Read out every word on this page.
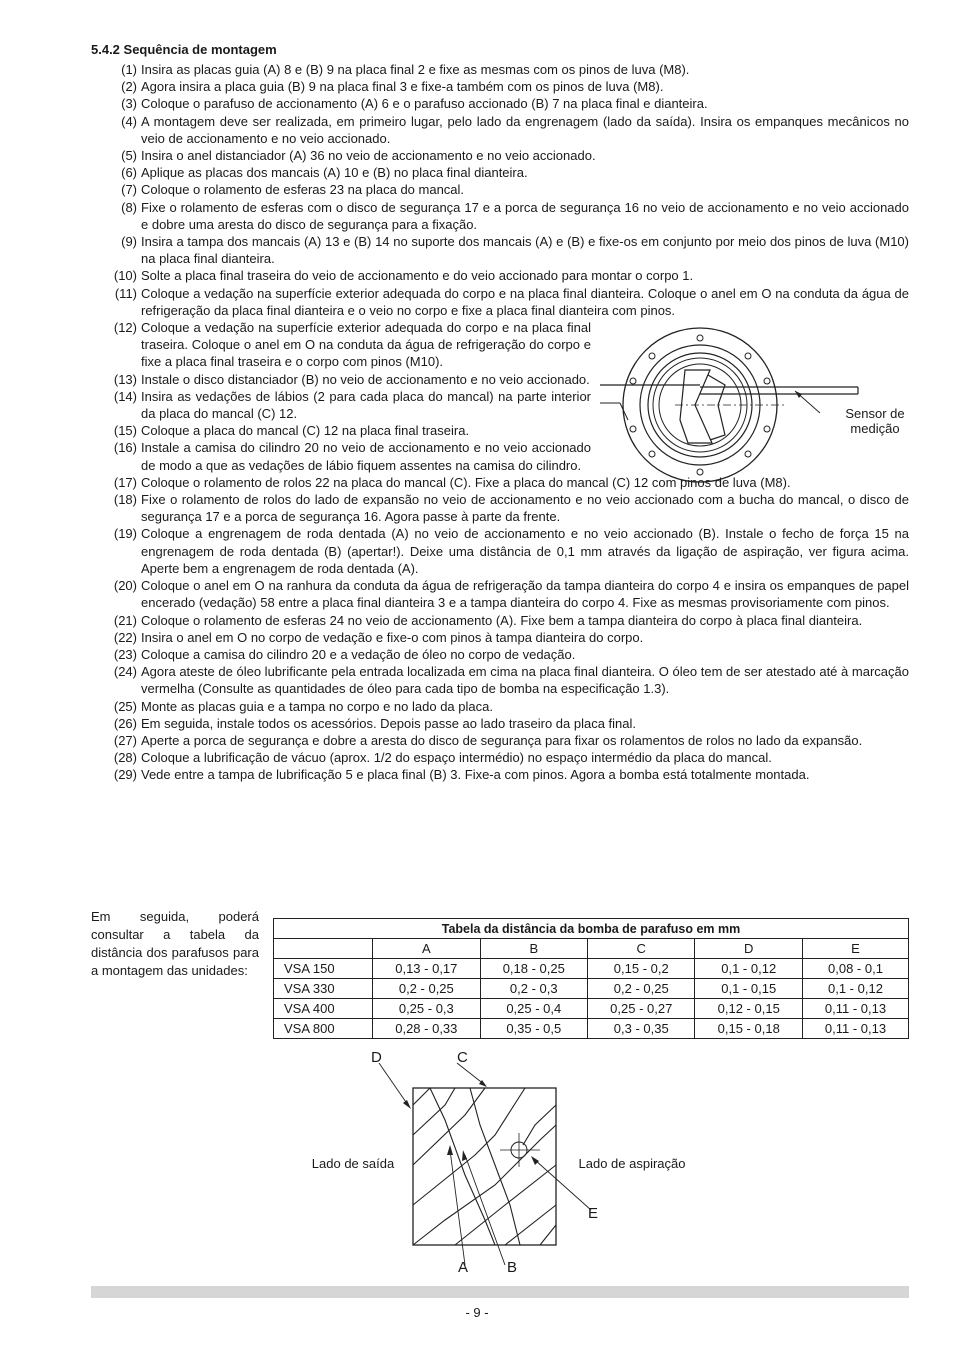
5.4.2 Sequência de montagem
(1) Insira as placas guia (A) 8 e (B) 9 na placa final 2 e fixe as mesmas com os pinos de luva (M8).
(2) Agora insira a placa guia (B) 9 na placa final 3 e fixe-a também com os pinos de luva (M8).
(3) Coloque o parafuso de accionamento (A) 6 e o parafuso accionado (B) 7 na placa final e dianteira.
(4) A montagem deve ser realizada, em primeiro lugar, pelo lado da engrenagem (lado da saída). Insira os empanques mecânicos no veio de accionamento e no veio accionado.
(5) Insira o anel distanciador (A) 36 no veio de accionamento e no veio accionado.
(6) Aplique as placas dos mancais (A) 10 e (B) no placa final dianteira.
(7) Coloque o rolamento de esferas 23 na placa do mancal.
(8) Fixe o rolamento de esferas com o disco de segurança 17 e a porca de segurança 16 no veio de accionamento e no veio accionado e dobre uma aresta do disco de segurança para a fixação.
(9) Insira a tampa dos mancais (A) 13 e (B) 14 no suporte dos mancais (A) e (B) e fixe-os em conjunto por meio dos pinos de luva (M10) na placa final dianteira.
(10) Solte a placa final traseira do veio de accionamento e do veio accionado para montar o corpo 1.
(11) Coloque a vedação na superfície exterior adequada do corpo e na placa final dianteira. Coloque o anel em O na conduta da água de refrigeração da placa final dianteira e o veio no corpo e fixe a placa final dianteira com pinos.
(12) Coloque a vedação na superfície exterior adequada do corpo e na placa final traseira. Coloque o anel em O na conduta da água de refrigeração do corpo e fixe a placa final traseira e o corpo com pinos (M10).
(13) Instale o disco distanciador (B) no veio de accionamento e no veio accionado.
(14) Insira as vedações de lábios (2 para cada placa do mancal) na parte interior da placa do mancal (C) 12.
(15) Coloque a placa do mancal (C) 12 na placa final traseira.
(16) Instale a camisa do cilindro 20 no veio de accionamento e no veio accionado de modo a que as vedações de lábio fiquem assentes na camisa do cilindro.
(17) Coloque o rolamento de rolos 22 na placa do mancal (C). Fixe a placa do mancal (C) 12 com pinos de luva (M8).
(18) Fixe o rolamento de rolos do lado de expansão no veio de accionamento e no veio accionado com a bucha do mancal, o disco de segurança 17 e a porca de segurança 16. Agora passe à parte da frente.
(19) Coloque a engrenagem de roda dentada (A) no veio de accionamento e no veio accionado (B). Instale o fecho de força 15 na engrenagem de roda dentada (B) (apertar!). Deixe uma distância de 0,1 mm através da ligação de aspiração, ver figura acima. Aperte bem a engrenagem de roda dentada (A).
(20) Coloque o anel em O na ranhura da conduta da água de refrigeração da tampa dianteira do corpo 4 e insira os empanques de papel encerado (vedação) 58 entre a placa final dianteira 3 e a tampa dianteira do corpo 4. Fixe as mesmas provisoriamente com pinos.
(21) Coloque o rolamento de esferas 24 no veio de accionamento (A). Fixe bem a tampa dianteira do corpo à placa final dianteira.
(22) Insira o anel em O no corpo de vedação e fixe-o com pinos à tampa dianteira do corpo.
(23) Coloque a camisa do cilindro 20 e a vedação de óleo no corpo de vedação.
(24) Agora ateste de óleo lubrificante pela entrada localizada em cima na placa final dianteira. O óleo tem de ser atestado até à marcação vermelha (Consulte as quantidades de óleo para cada tipo de bomba na especificação 1.3).
(25) Monte as placas guia e a tampa no corpo e no lado da placa.
(26) Em seguida, instale todos os acessórios. Depois passe ao lado traseiro da placa final.
(27) Aperte a porca de segurança e dobre a aresta do disco de segurança para fixar os rolamentos de rolos no lado da expansão.
(28) Coloque a lubrificação de vácuo (aprox. 1/2 do espaço intermédio) no espaço intermédio da placa do mancal.
(29) Vede entre a tampa de lubrificação 5 e placa final (B) 3. Fixe-a com pinos. Agora a bomba está totalmente montada.
Sensor de medição
Em seguida, poderá consultar a tabela da distância dos parafusos para a montagem das unidades:
Tabela da distância da bomba de parafuso em mm					
	A	B	C	D	E
VSA 150	0,13 - 0,17	0,18 - 0,25	0,15 - 0,2	0,1 - 0,12	0,08 - 0,1
VSA 330	0,2 - 0,25	0,2 - 0,3	0,2 - 0,25	0,1 - 0,15	0,1 - 0,12
VSA 400	0,25 - 0,3	0,25 - 0,4	0,25 - 0,27	0,12 - 0,15	0,11 - 0,13
VSA 800	0,28 - 0,33	0,35 - 0,5	0,3 - 0,35	0,15 - 0,18	0,11 - 0,13
Lado de saída	Lado de aspiração
D	C
A	B
E
- 9 -
